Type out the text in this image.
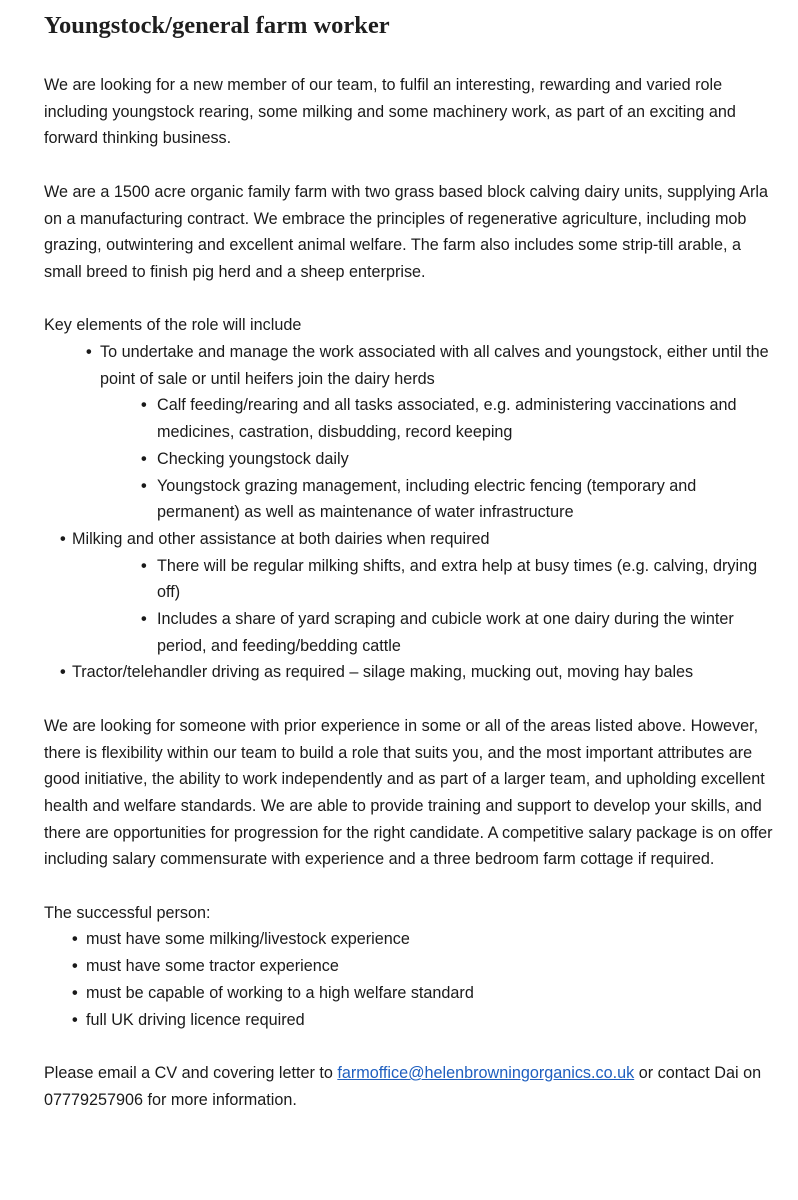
Youngstock/general farm worker

We are looking for a new member of our team, to fulfil an interesting, rewarding and varied role including youngstock rearing, some milking and some machinery work, as part of an exciting and forward thinking business.

We are a 1500 acre organic family farm with two grass based block calving dairy units, supplying Arla on a manufacturing contract. We embrace the principles of regenerative agriculture, including mob grazing, outwintering and excellent animal welfare. The farm also includes some strip-till arable, a small breed to finish pig herd and a sheep enterprise.

Key elements of the role will include

• To undertake and manage the work associated with all calves and youngstock, either until the point of sale or until heifers join the dairy herds
• Calf feeding/rearing and all tasks associated, e.g. administering vaccinations and medicines, castration, disbudding, record keeping
• Checking youngstock daily
• Youngstock grazing management, including electric fencing (temporary and permanent) as well as maintenance of water infrastructure
• Milking and other assistance at both dairies when required
• There will be regular milking shifts, and extra help at busy times (e.g. calving, drying off)
• Includes a share of yard scraping and cubicle work at one dairy during the winter period, and feeding/bedding cattle
• Tractor/telehandler driving as required – silage making, mucking out, moving hay bales

We are looking for someone with prior experience in some or all of the areas listed above. However, there is flexibility within our team to build a role that suits you, and the most important attributes are good initiative, the ability to work independently and as part of a larger team, and upholding excellent health and welfare standards. We are able to provide training and support to develop your skills, and there are opportunities for progression for the right candidate. A competitive salary package is on offer including salary commensurate with experience and a three bedroom farm cottage if required.

The successful person:

• must have some milking/livestock experience
• must have some tractor experience
• must be capable of working to a high welfare standard
• full UK driving licence required

Please email a CV and covering letter to farmoffice@helenbrowningorganics.co.uk or contact Dai on 07779257906 for more information.
